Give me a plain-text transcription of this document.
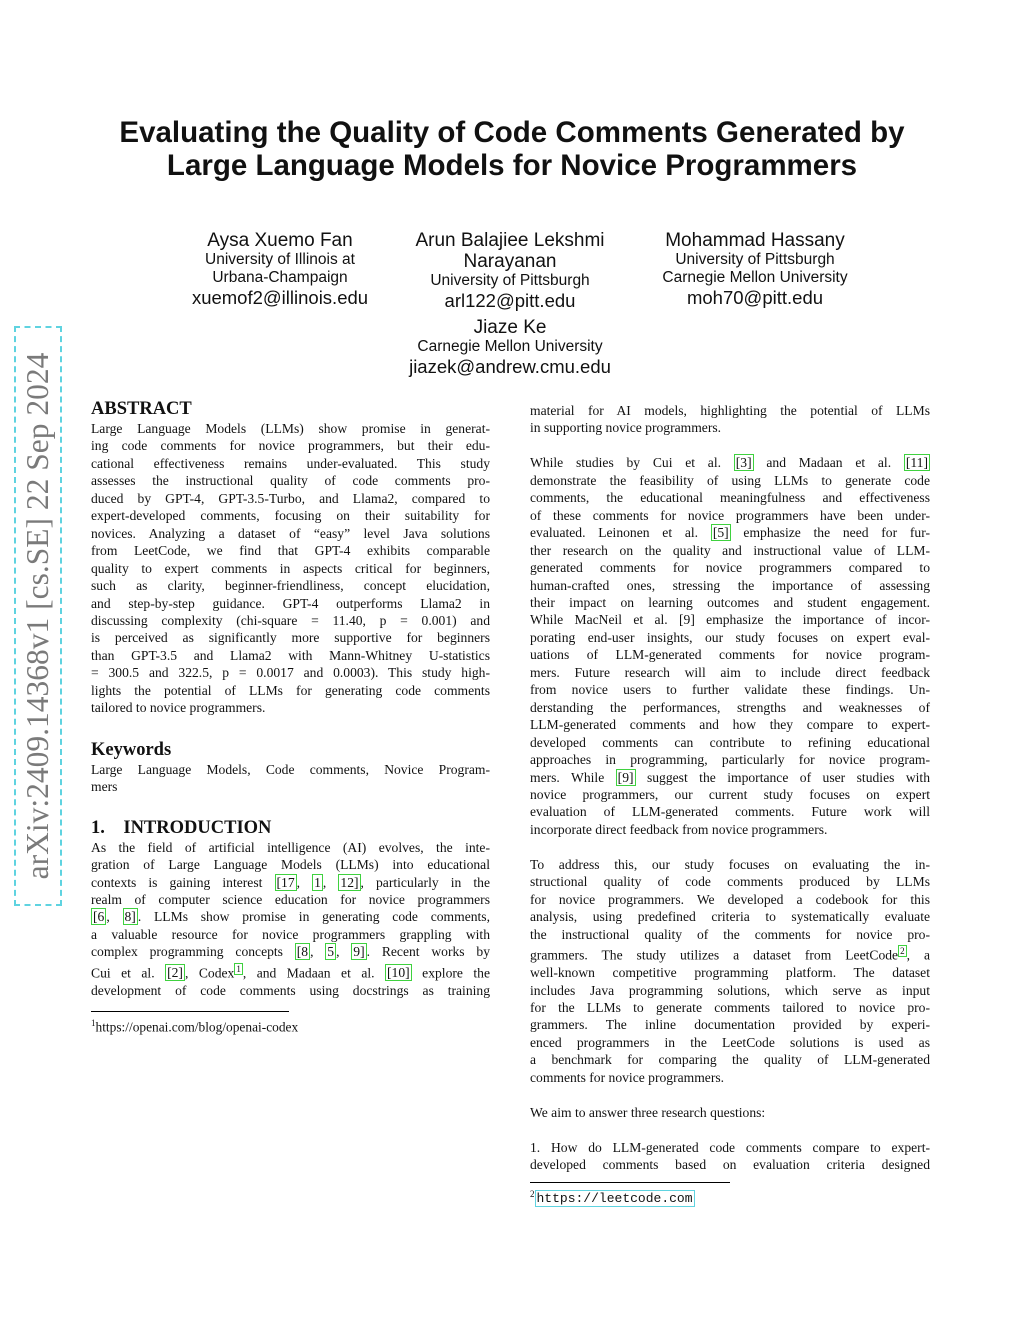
arXiv:2409.14368v1 [cs.SE] 22 Sep 2024
Evaluating the Quality of Code Comments Generated by
Large Language Models for Novice Programmers
Aysa Xuemo Fan
University of Illinois at
Urbana-Champaign
xuemof2@illinois.edu
Arun Balajiee Lekshmi
Narayanan
University of Pittsburgh
arl122@pitt.edu
Mohammad Hassany
University of Pittsburgh
Carnegie Mellon University
moh70@pitt.edu
Jiaze Ke
Carnegie Mellon University
jiazek@andrew.cmu.edu
ABSTRACT
Large Language Models (LLMs) show promise in generat-
ing code comments for novice programmers, but their edu-
cational effectiveness remains under-evaluated. This study
assesses the instructional quality of code comments pro-
duced by GPT-4, GPT-3.5-Turbo, and Llama2, compared to
expert-developed comments, focusing on their suitability for
novices. Analyzing a dataset of “easy” level Java solutions
from LeetCode, we find that GPT-4 exhibits comparable
quality to expert comments in aspects critical for beginners,
such as clarity, beginner-friendliness, concept elucidation,
and step-by-step guidance. GPT-4 outperforms Llama2 in
discussing complexity (chi-square = 11.40, p = 0.001) and
is perceived as significantly more supportive for beginners
than GPT-3.5 and Llama2 with Mann-Whitney U-statistics
= 300.5 and 322.5, p = 0.0017 and 0.0003). This study high-
lights the potential of LLMs for generating code comments
tailored to novice programmers.
Keywords
Large Language Models, Code comments, Novice Program-
mers
1.    INTRODUCTION
As the field of artificial intelligence (AI) evolves, the inte-
gration of Large Language Models (LLMs) into educational
contexts is gaining interest [17 , 1 , 12] , particularly in the
realm of computer science education for novice programmers
[6 , 8] . LLMs show promise in generating code comments,
a valuable resource for novice programmers grappling with
complex programming concepts [8 , 5 , 9] . Recent works by
Cui et al. [2] , Codex $^1$ , and Madaan et al. [10] explore the
development of code comments using docstrings as training
$^1$https://openai.com/blog/openai-codex
material for AI models, highlighting the potential of LLMs
in supporting novice programmers.
While studies by Cui et al. [3] and Madaan et al. [11]
demonstrate the feasibility of using LLMs to generate code
comments, the educational meaningfulness and effectiveness
of these comments for novice programmers have been under-
evaluated. Leinonen et al. [5] emphasize the need for fur-
ther research on the quality and instructional value of LLM-
generated comments for novice programmers compared to
human-crafted ones, stressing the importance of assessing
their impact on learning outcomes and student engagement.
While MacNeil et al. [9] emphasize the importance of incor-
porating end-user insights, our study focuses on expert eval-
uations of LLM-generated comments for novice program-
mers. Future research will aim to include direct feedback
from novice users to further validate these findings. Un-
derstanding the performances, strengths and weaknesses of
LLM-generated comments and how they compare to expert-
developed comments can contribute to refining educational
approaches in programming, particularly for novice program-
mers. While [9] suggest the importance of user studies with
novice programmers, our current study focuses on expert
evaluation of LLM-generated comments. Future work will
incorporate direct feedback from novice programmers.
To address this, our study focuses on evaluating the in-
structional quality of code comments produced by LLMs
for novice programmers. We developed a codebook for this
analysis, using predefined criteria to systematically evaluate
the instructional quality of the comments for novice pro-
grammers. The study utilizes a dataset from LeetCode $^2$ , a
well-known competitive programming platform. The dataset
includes Java programming solutions, which serve as input
for the LLMs to generate comments tailored to novice pro-
grammers. The inline documentation provided by experi-
enced programmers in the LeetCode solutions is used as
a benchmark for comparing the quality of LLM-generated
comments for novice programmers.
We aim to answer three research questions:
1. How do LLM-generated code comments compare to expert-
developed comments based on evaluation criteria designed
$^2$ https://leetcode.com
